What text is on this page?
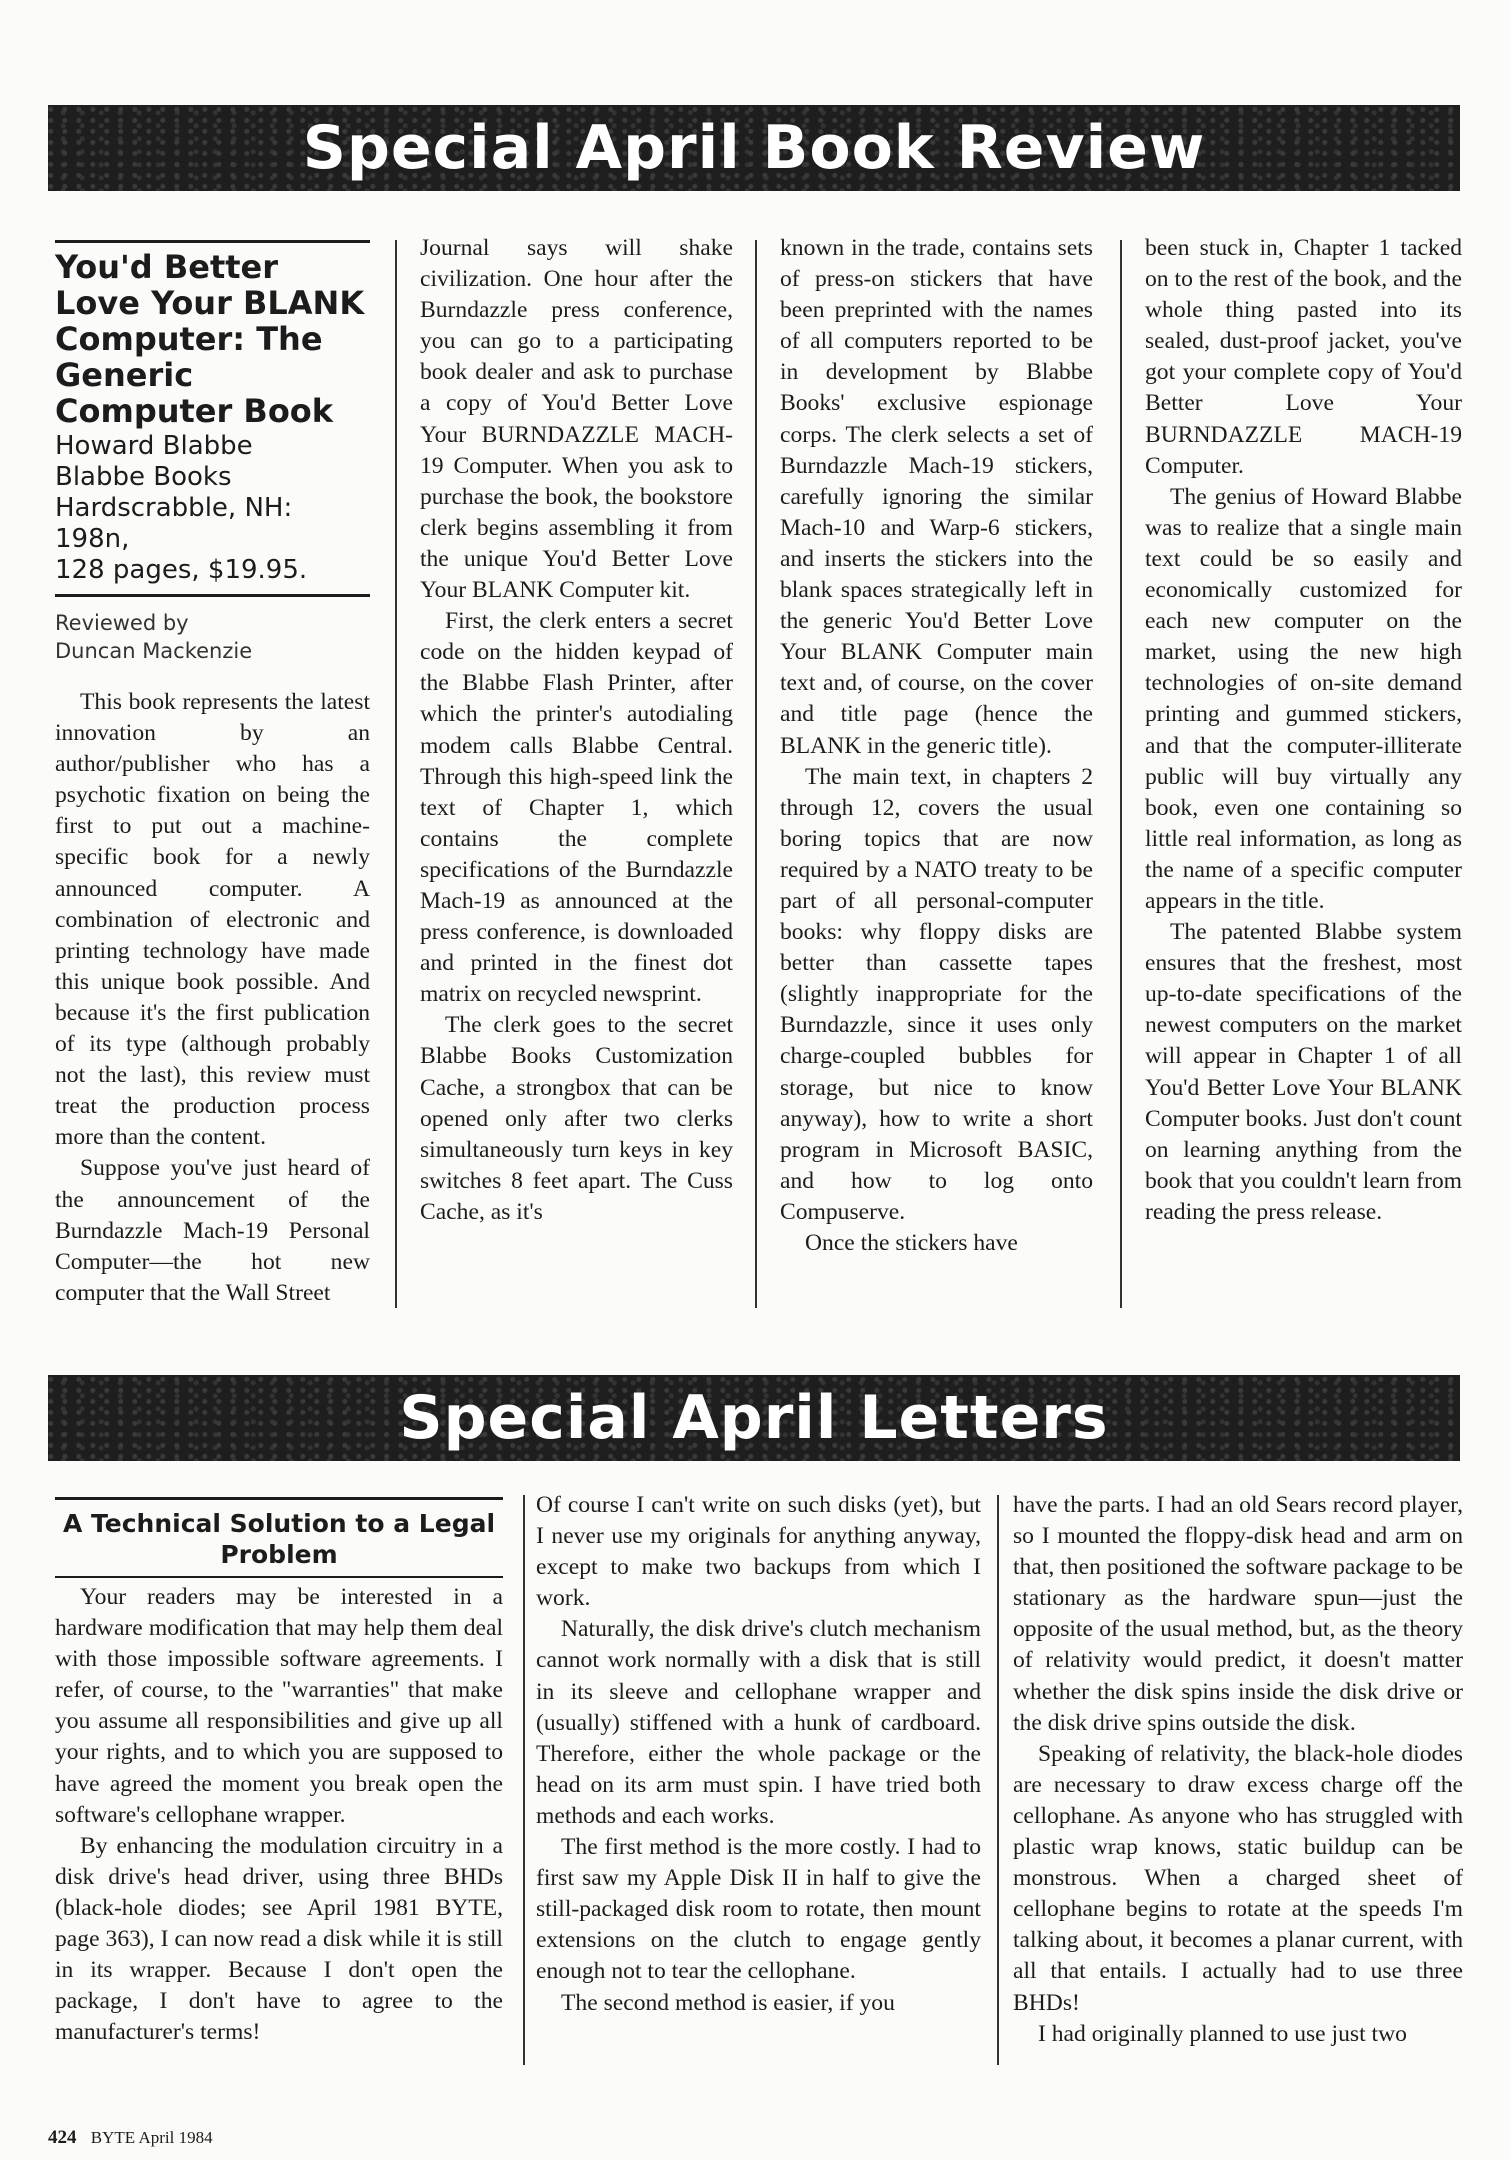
Special April Book Review
You'd Better Love Your BLANK Computer: The Generic Computer Book
Howard Blabbe
Blabbe Books
Hardscrabble, NH: 198n,
128 pages, $19.95.
Reviewed by
Duncan Mackenzie

This book represents the latest innovation by an author/publisher who has a psychotic fixation on being the first to put out a machine-specific book for a newly announced computer. A combination of electronic and printing technology have made this unique book possible. And because it's the first publication of its type (although probably not the last), this review must treat the production process more than the content.

Suppose you've just heard of the announcement of the Burndazzle Mach-19 Personal Computer—the hot new computer that the Wall Street

Journal says will shake civilization. One hour after the Burndazzle press conference, you can go to a participating book dealer and ask to purchase a copy of You'd Better Love Your BURNDAZZLE MACH-19 Computer. When you ask to purchase the book, the bookstore clerk begins assembling it from the unique You'd Better Love Your BLANK Computer kit.

First, the clerk enters a secret code on the hidden keypad of the Blabbe Flash Printer, after which the printer's autodialing modem calls Blabbe Central. Through this high-speed link the text of Chapter 1, which contains the complete specifications of the Burndazzle Mach-19 as announced at the press conference, is downloaded and printed in the finest dot matrix on recycled newsprint.

The clerk goes to the secret Blabbe Books Customization Cache, a strongbox that can be opened only after two clerks simultaneously turn keys in key switches 8 feet apart. The Cuss Cache, as it's

known in the trade, contains sets of press-on stickers that have been preprinted with the names of all computers reported to be in development by Blabbe Books' exclusive espionage corps. The clerk selects a set of Burndazzle Mach-19 stickers, carefully ignoring the similar Mach-10 and Warp-6 stickers, and inserts the stickers into the blank spaces strategically left in the generic You'd Better Love Your BLANK Computer main text and, of course, on the cover and title page (hence the BLANK in the generic title).

The main text, in chapters 2 through 12, covers the usual boring topics that are now required by a NATO treaty to be part of all personal-computer books: why floppy disks are better than cassette tapes (slightly inappropriate for the Burndazzle, since it uses only charge-coupled bubbles for storage, but nice to know anyway), how to write a short program in Microsoft BASIC, and how to log onto Compuserve.

Once the stickers have

been stuck in, Chapter 1 tacked on to the rest of the book, and the whole thing pasted into its sealed, dust-proof jacket, you've got your complete copy of You'd Better Love Your BURNDAZZLE MACH-19 Computer.

The genius of Howard Blabbe was to realize that a single main text could be so easily and economically customized for each new computer on the market, using the new high technologies of on-site demand printing and gummed stickers, and that the computer-illiterate public will buy virtually any book, even one containing so little real information, as long as the name of a specific computer appears in the title.

The patented Blabbe system ensures that the freshest, most up-to-date specifications of the newest computers on the market will appear in Chapter 1 of all You'd Better Love Your BLANK Computer books. Just don't count on learning anything from the book that you couldn't learn from reading the press release.

Special April Letters
A Technical Solution to a Legal Problem

Your readers may be interested in a hardware modification that may help them deal with those impossible software agreements. I refer, of course, to the "warranties" that make you assume all responsibilities and give up all your rights, and to which you are supposed to have agreed the moment you break open the software's cellophane wrapper.

By enhancing the modulation circuitry in a disk drive's head driver, using three BHDs (black-hole diodes; see April 1981 BYTE, page 363), I can now read a disk while it is still in its wrapper. Because I don't open the package, I don't have to agree to the manufacturer's terms!

Of course I can't write on such disks (yet), but I never use my originals for anything anyway, except to make two backups from which I work.

Naturally, the disk drive's clutch mechanism cannot work normally with a disk that is still in its sleeve and cellophane wrapper and (usually) stiffened with a hunk of cardboard. Therefore, either the whole package or the head on its arm must spin. I have tried both methods and each works.

The first method is the more costly. I had to first saw my Apple Disk II in half to give the still-packaged disk room to rotate, then mount extensions on the clutch to engage gently enough not to tear the cellophane.

The second method is easier, if you

have the parts. I had an old Sears record player, so I mounted the floppy-disk head and arm on that, then positioned the software package to be stationary as the hardware spun—just the opposite of the usual method, but, as the theory of relativity would predict, it doesn't matter whether the disk spins inside the disk drive or the disk drive spins outside the disk.

Speaking of relativity, the black-hole diodes are necessary to draw excess charge off the cellophane. As anyone who has struggled with plastic wrap knows, static buildup can be monstrous. When a charged sheet of cellophane begins to rotate at the speeds I'm talking about, it becomes a planar current, with all that entails. I actually had to use three BHDs!

I had originally planned to use just two

424 BYTE April 1984
